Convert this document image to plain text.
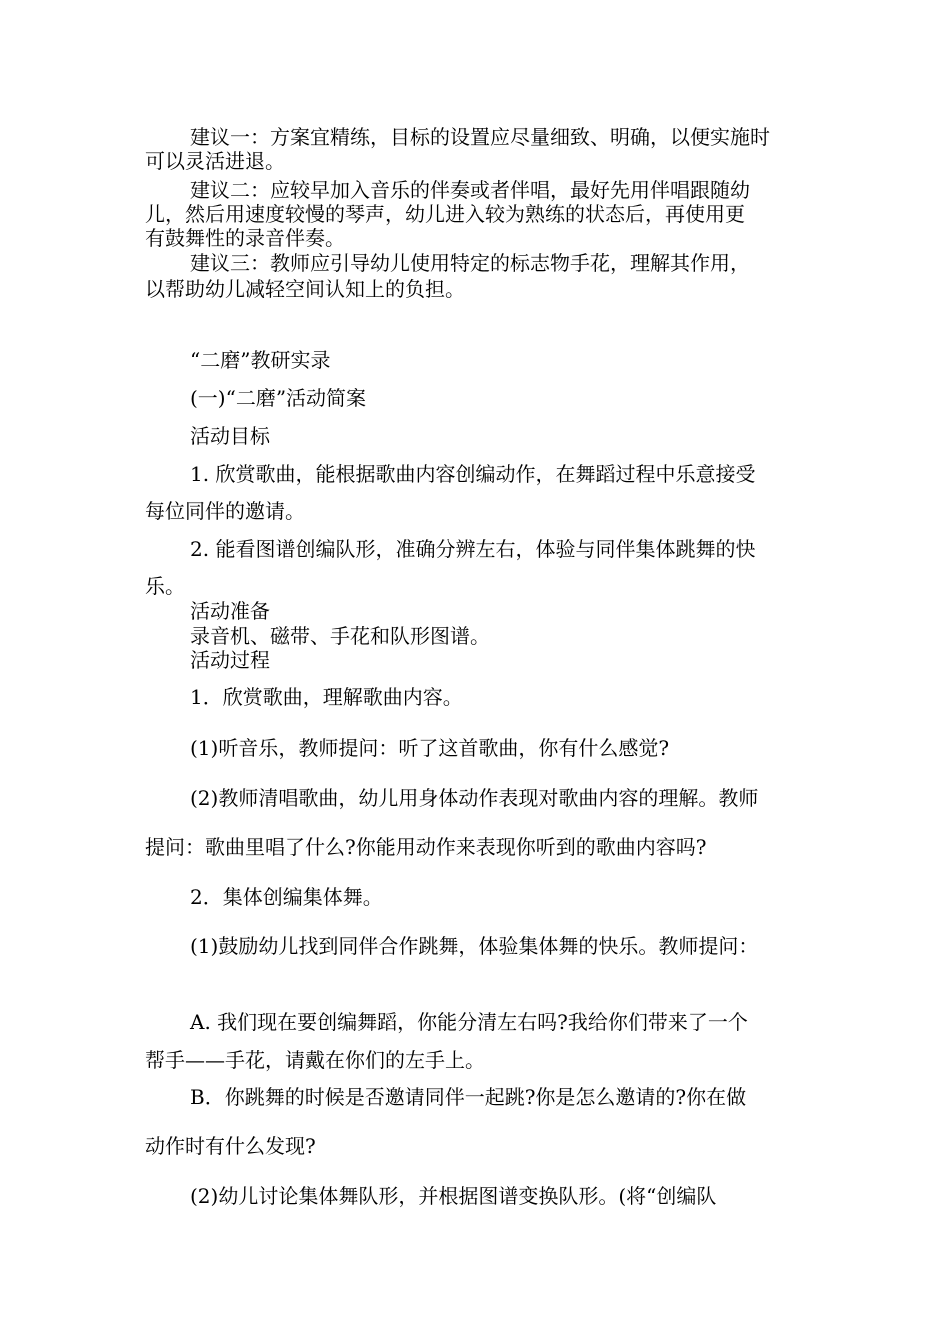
建议一：方案宜精练，目标的设置应尽量细致、明确，以便实施时

可以灵活进退。

建议二：应较早加入音乐的伴奏或者伴唱，最好先用伴唱跟随幼

儿，然后用速度较慢的琴声，幼儿进入较为熟练的状态后，再使用更

有鼓舞性的录音伴奏。

建议三：教师应引导幼儿使用特定的标志物手花，理解其作用，

以帮助幼儿减轻空间认知上的负担。

“二磨”教研实录

(一)“二磨”活动简案

活动目标

1. 欣赏歌曲，能根据歌曲内容创编动作，在舞蹈过程中乐意接受

每位同伴的邀请。

2. 能看图谱创编队形，准确分辨左右，体验与同伴集体跳舞的快

乐。

活动准备

录音机、磁带、手花和队形图谱。

活动过程

1．欣赏歌曲，理解歌曲内容。

(1)听音乐，教师提问：听了这首歌曲，你有什么感觉?

(2)教师清唱歌曲，幼儿用身体动作表现对歌曲内容的理解。教师

提问：歌曲里唱了什么?你能用动作来表现你听到的歌曲内容吗?

2．集体创编集体舞。

(1)鼓励幼儿找到同伴合作跳舞，体验集体舞的快乐。教师提问：

A. 我们现在要创编舞蹈，你能分清左右吗?我给你们带来了一个

帮手——手花，请戴在你们的左手上。

B．你跳舞的时候是否邀请同伴一起跳?你是怎么邀请的?你在做

动作时有什么发现?

(2)幼儿讨论集体舞队形，并根据图谱变换队形。(将“创编队
